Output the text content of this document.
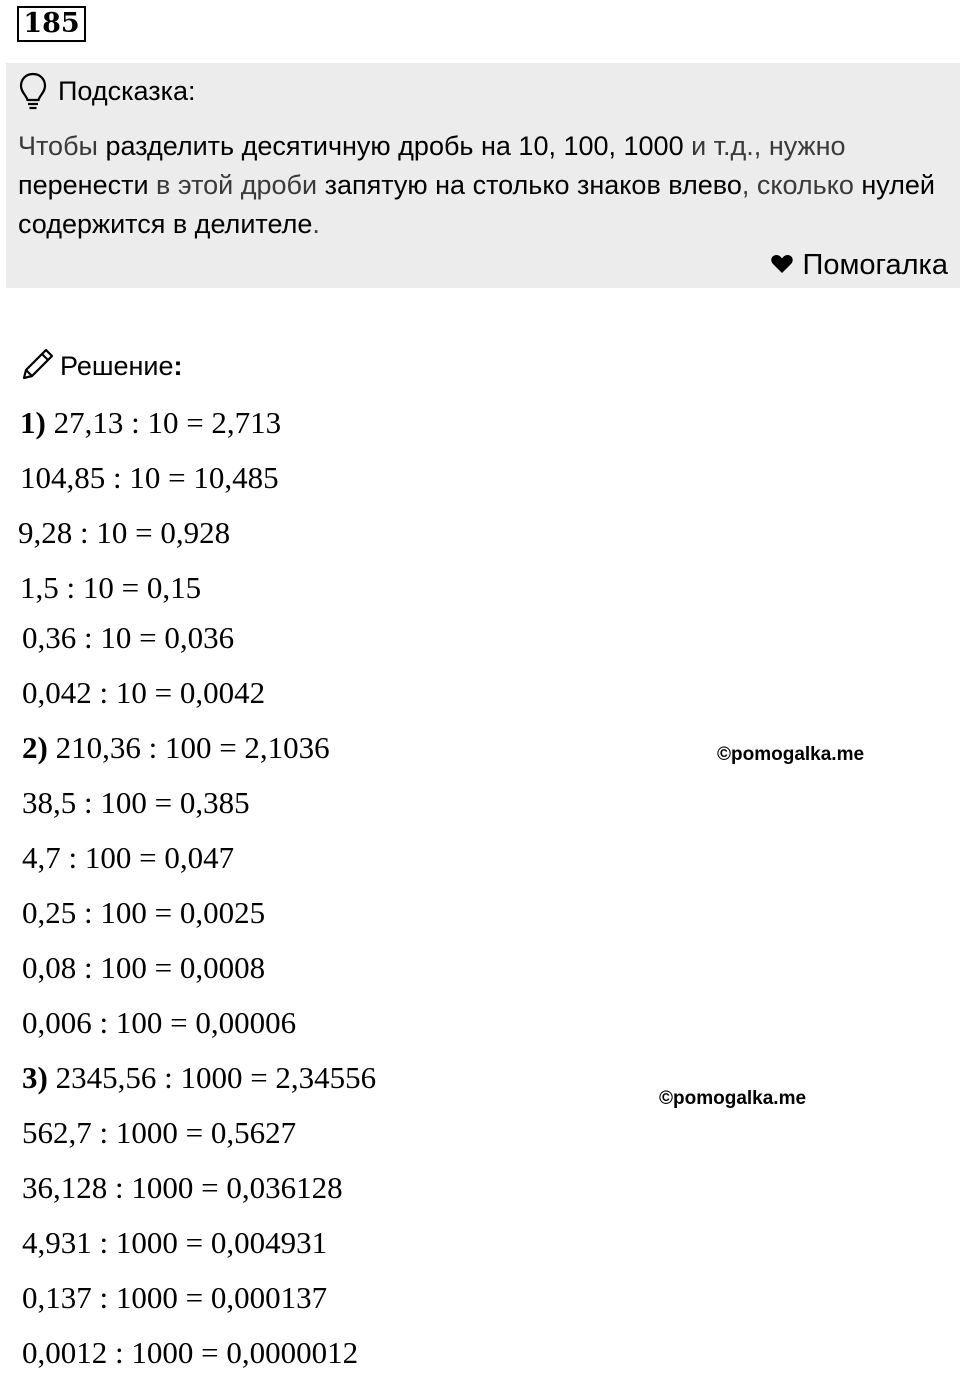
185
Подсказка:
Чтобы разделить десятичную дробь на 10, 100, 1000 и т.д., нужно перенести в этой дроби запятую на столько знаков влево, сколько нулей содержится в делителе.
Помогалка
Решение:
1) 27,13 : 10 = 2,713
104,85 : 10 = 10,485
9,28 : 10 = 0,928
1,5 : 10 = 0,15
0,36 : 10 = 0,036
0,042 : 10 = 0,0042
2) 210,36 : 100 = 2,1036
38,5 : 100 = 0,385
4,7 : 100 = 0,047
0,25 : 100 = 0,0025
0,08 : 100 = 0,0008
0,006 : 100 = 0,00006
3) 2345,56 : 1000 = 2,34556
562,7 : 1000 = 0,5627
36,128 : 1000 = 0,036128
4,931 : 1000 = 0,004931
0,137 : 1000 = 0,000137
0,0012 : 1000 = 0,0000012
©pomogalka.me
©pomogalka.me
